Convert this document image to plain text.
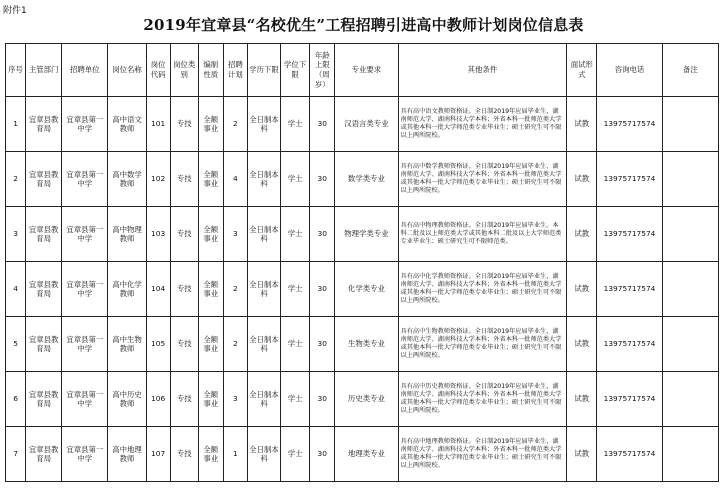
附件1
2019年宜章县“名校优生”工程招聘引进高中教师计划岗位信息表
序号	主管部门	招聘单位	岗位名称	岗位代码	岗位类别	编制性质	招聘计划	学历下限	学位下限	年龄上限（周岁）	专业要求	其他条件	面试形式	咨询电话	备注
1	宜章县教育局	宜章县第一中学	高中语文教师	101	专技	全额事业	2	全日制本科	学士	30	汉语言类专业	具有高中语文教师资格证。全日制2019年应届毕业生，湖南师范大学、湖南科技大学本科；外省本科一批师范类大学或其他本科一批大学师范类专业毕业生；硕士研究生可不限以上两所院校。	试教	13975717574	
2	宜章县教育局	宜章县第一中学	高中数学教师	102	专技	全额事业	4	全日制本科	学士	30	数学类专业	具有高中数学教师资格证。全日制2019年应届毕业生，湖南师范大学、湖南科技大学本科；外省本科一批师范类大学或其他本科一批大学师范类专业毕业生；硕士研究生可不限以上两所院校。	试教	13975717574	
3	宜章县教育局	宜章县第一中学	高中物理教师	103	专技	全额事业	3	全日制本科	学士	30	物理学类专业	具有高中物理教师资格证。全日制2019年应届毕业生。本科二批及以上师范类大学或其他本科二批及以上大学师范类专业毕业生；硕士研究生可不限师范类。	试教	13975717574	
4	宜章县教育局	宜章县第一中学	高中化学教师	104	专技	全额事业	2	全日制本科	学士	30	化学类专业	具有高中化学教师资格证。全日制2019年应届毕业生，湖南师范大学、湖南科技大学本科；外省本科一批师范类大学或其他本科一批大学师范类专业毕业生；硕士研究生可不限以上两所院校。	试教	13975717574	
5	宜章县教育局	宜章县第一中学	高中生物教师	105	专技	全额事业	2	全日制本科	学士	30	生物类专业	具有高中生物教师资格证。全日制2019年应届毕业生，湖南师范大学、湖南科技大学本科；外省本科一批师范类大学或其他本科一批大学师范类专业毕业生；硕士研究生可不限以上两所院校。	试教	13975717574	
6	宜章县教育局	宜章县第一中学	高中历史教师	106	专技	全额事业	3	全日制本科	学士	30	历史类专业	具有高中历史教师资格证。全日制2019年应届毕业生，湖南师范大学、湖南科技大学本科；外省本科一批师范类大学或其他本科一批大学师范类专业毕业生；硕士研究生可不限以上两所院校。	试教	13975717574	
7	宜章县教育局	宜章县第一中学	高中地理教师	107	专技	全额事业	1	全日制本科	学士	30	地理类专业	具有高中地理教师资格证。全日制2019年应届毕业生，湖南师范大学、湖南科技大学本科；外省本科一批师范类大学或其他本科一批大学师范类专业毕业生；硕士研究生可不限以上两所院校。	试教	13975717574	
